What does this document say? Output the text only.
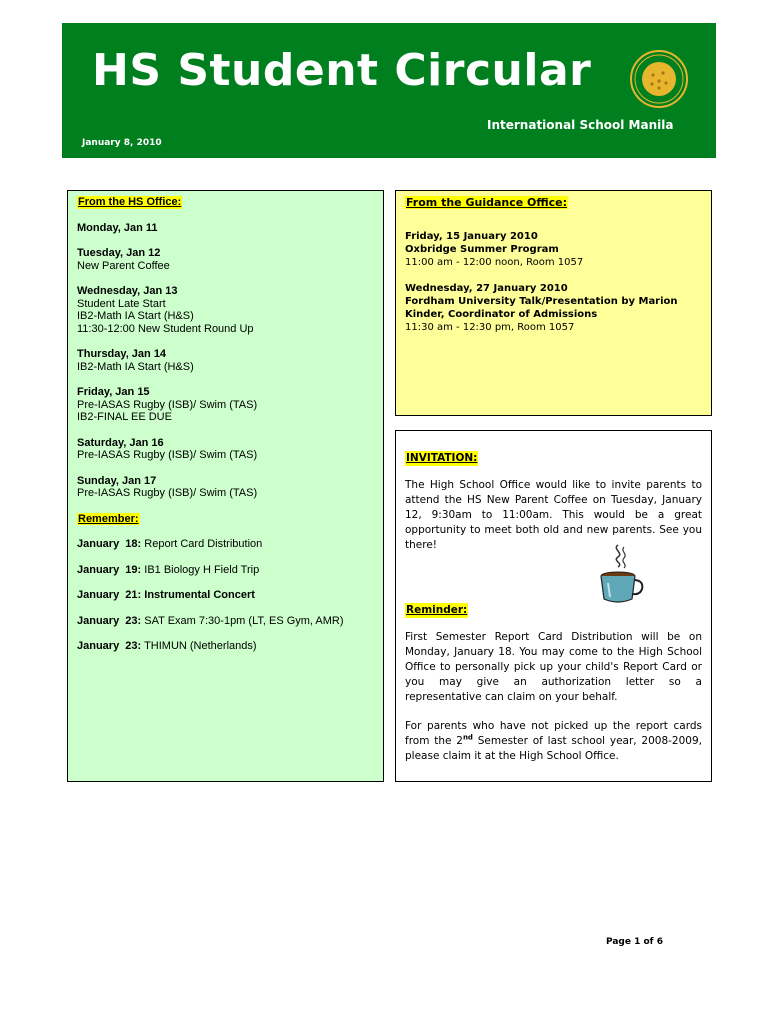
HS Student Circular
International School Manila
January 8, 2010

From the HS Office:

Monday, Jan 11
Tuesday, Jan 12
New Parent Coffee
Wednesday, Jan 13
Student Late Start
IB2-Math IA Start (H&S)
11:30-12:00 New Student Round Up
Thursday, Jan 14
IB2-Math IA Start (H&S)
Friday, Jan 15
Pre-IASAS Rugby (ISB)/ Swim (TAS)
IB2-FINAL EE DUE
Saturday, Jan 16
Pre-IASAS Rugby (ISB)/ Swim (TAS)
Sunday, Jan 17
Pre-IASAS Rugby (ISB)/ Swim (TAS)

Remember:

January  18: Report Card Distribution
January  19: IB1 Biology H Field Trip
January  21: Instrumental Concert
January  23: SAT Exam 7:30-1pm (LT, ES Gym, AMR)
January  23: THIMUN (Netherlands)

From the Guidance Office:

Friday, 15 January 2010
Oxbridge Summer Program
11:00 am - 12:00 noon, Room 1057
Wednesday, 27 January 2010
Fordham University Talk/Presentation by Marion Kinder, Coordinator of Admissions
11:30 am - 12:30 pm, Room 1057

INVITATION:

The High School Office would like to invite parents to attend the HS New Parent Coffee on Tuesday, January 12, 9:30am to 11:00am. This would be a great opportunity to meet both old and new parents. See you there!

Reminder:

First Semester Report Card Distribution will be on Monday, January 18. You may come to the High School Office to personally pick up your child's Report Card or you may give an authorization letter so a representative can claim on your behalf.

For parents who have not picked up the report cards from the 2nd Semester of last school year, 2008-2009, please claim it at the High School Office.

Page 1 of 6
